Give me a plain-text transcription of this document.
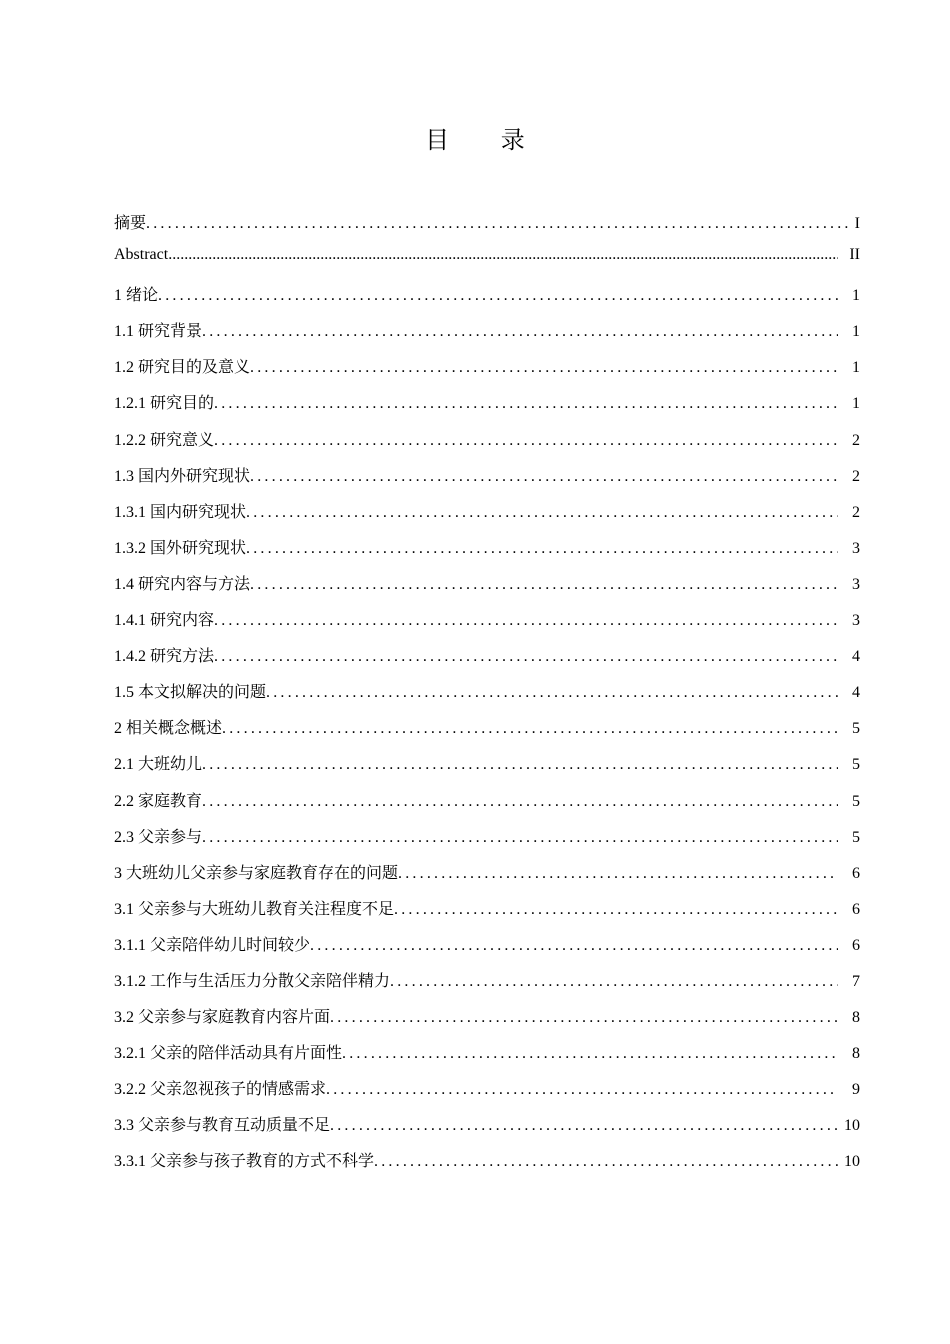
目 录
摘要 .....	I
Abstract .....	II
1 绪论 .....	1
1.1 研究背景 .....	1
1.2 研究目的及意义 .....	1
1.2.1 研究目的 .....	1
1.2.2 研究意义 .....	2
1.3 国内外研究现状 .....	2
1.3.1 国内研究现状 .....	2
1.3.2 国外研究现状 .....	3
1.4 研究内容与方法 .....	3
1.4.1 研究内容 .....	3
1.4.2 研究方法 .....	4
1.5 本文拟解决的问题 .....	4
2 相关概念概述 .....	5
2.1 大班幼儿 .....	5
2.2 家庭教育 .....	5
2.3 父亲参与 .....	5
3 大班幼儿父亲参与家庭教育存在的问题 .....	6
3.1 父亲参与大班幼儿教育关注程度不足 .....	6
3.1.1 父亲陪伴幼儿时间较少 .....	6
3.1.2 工作与生活压力分散父亲陪伴精力 .....	7
3.2 父亲参与家庭教育内容片面 .....	8
3.2.1 父亲的陪伴活动具有片面性 .....	8
3.2.2 父亲忽视孩子的情感需求 .....	9
3.3 父亲参与教育互动质量不足 .....	10
3.3.1 父亲参与孩子教育的方式不科学 .....	10
